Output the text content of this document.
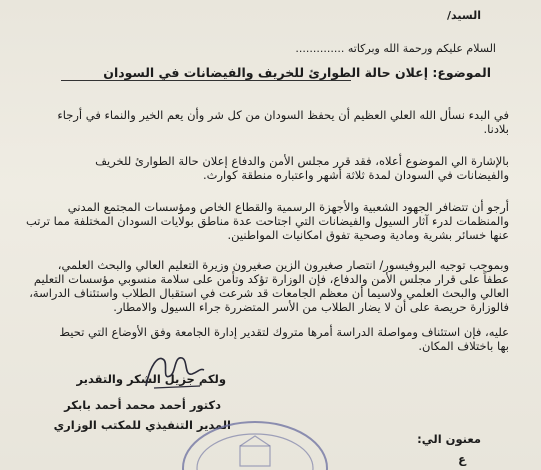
السيد/
السلام عليكم ورحمة الله وبركاته ..............
الموضوع: إعلان حالة الطوارئ للخريف والفيضانات في السودان
في البدء نسأل الله العلي العظيم أن يحفظ السودان من كل شر وأن يعم الخير والنماء في أرجاء
بلادنا.
بالإشارة الي الموضوع أعلاه، فقد قرر مجلس الأمن والدفاع إعلان حالة الطوارئ للخريف
والفيضانات في السودان لمدة ثلاثة أشهر واعتباره منطقة كوارث.
أرجو أن تتضافر الجهود الشعبية والأجهزة الرسمية والقطاع الخاص ومؤسسات المجتمع المدني
والمنظمات لدرء آثار السيول والفيضانات التي اجتاحت عدة مناطق بولايات السودان المختلفة مما ترتب
عنها خسائر بشرية ومادية وصحية تفوق امكانيات المواطنين.
وبموجب توجيه البروفيسور/ انتصار صغيرون الزين صغيرون وزيرة التعليم العالي والبحث العلمي،
عطفاً على قرار مجلس الأمن والدفاع، فإن الوزارة تؤكد وتأمن على سلامة منسوبي مؤسسات التعليم
العالي والبحث العلمي ولاسيما أن معظم الجامعات قد شرعت في استقبال الطلاب واستئناف الدراسة،
فالوزارة حريصة على أن لا يضار الطلاب من الأسر المتضررة جراء السيول والامطار.
عليه، فإن استئناف ومواصلة الدراسة أمرها متروك لتقدير إدارة الجامعة وفق الأوضاع التي تحيط
بها باختلاف المكان.
ولكم جزيل الشكر والتقدير
دكتور أحمد محمد أحمد بابكر
المدير التنفيذي للمكتب الوزاري
معنون الي:
ع
